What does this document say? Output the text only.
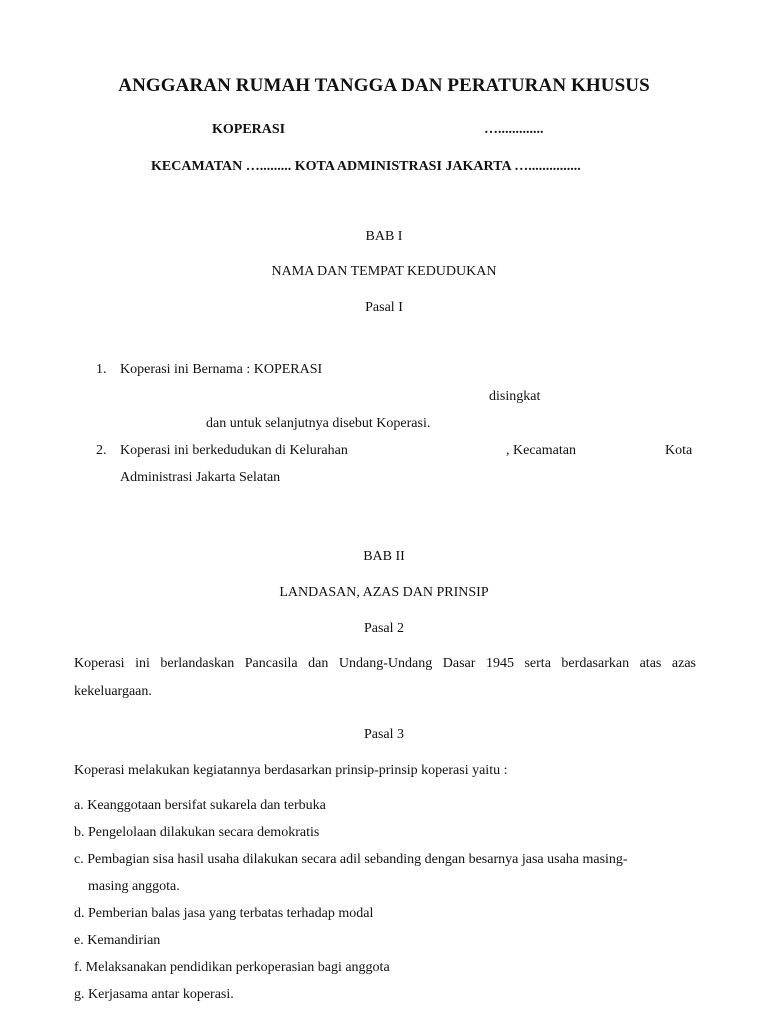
ANGGARAN RUMAH TANGGA DAN PERATURAN KHUSUS
KOPERASI	….............
KECAMATAN …......... KOTA ADMINISTRASI JAKARTA …...............
BAB I
NAMA DAN TEMPAT KEDUDUKAN
Pasal I
1. Koperasi ini Bernama : KOPERASI
disingkat
dan untuk selanjutnya disebut Koperasi.
2. Koperasi ini berkedudukan di Kelurahan	, Kecamatan	Kota
Administrasi Jakarta Selatan
BAB II
LANDASAN, AZAS DAN PRINSIP
Pasal 2
Koperasi ini berlandaskan Pancasila dan Undang-Undang Dasar 1945 serta berdasarkan atas azas
kekeluargaan.
Pasal 3
Koperasi melakukan kegiatannya berdasarkan prinsip-prinsip koperasi yaitu :
a. Keanggotaan bersifat sukarela dan terbuka
b. Pengelolaan dilakukan secara demokratis
c. Pembagian sisa hasil usaha dilakukan secara adil sebanding dengan besarnya jasa usaha masing-
masing anggota.
d. Pemberian balas jasa yang terbatas terhadap modal
e. Kemandirian
f. Melaksanakan pendidikan perkoperasian bagi anggota
g. Kerjasama antar koperasi.
